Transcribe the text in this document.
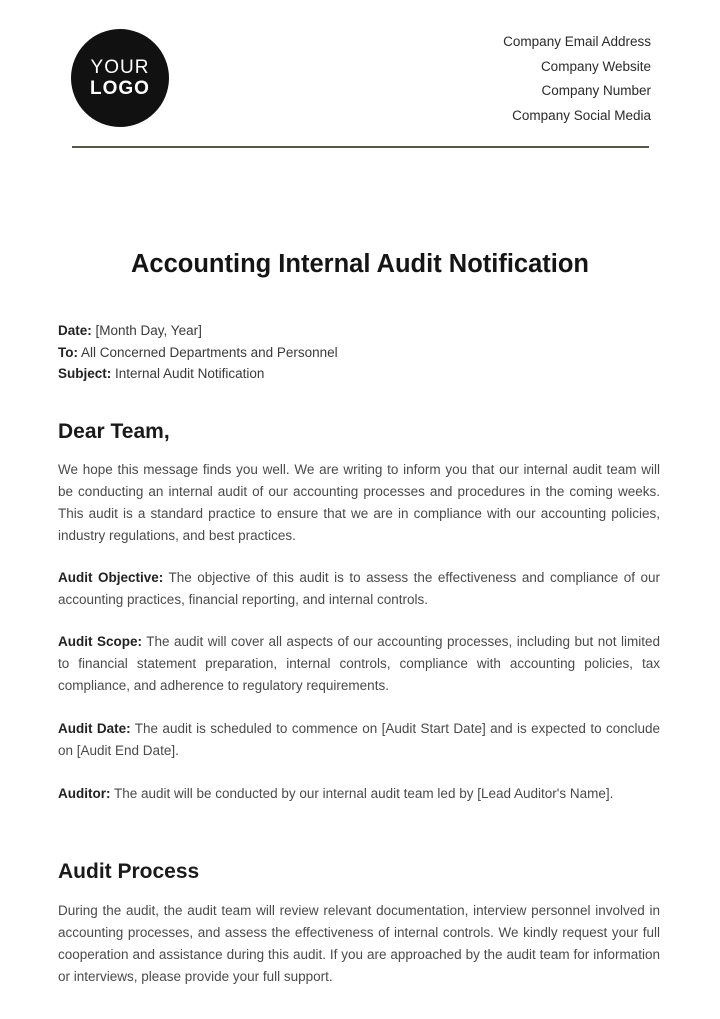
YOUR
LOGO
Company Email Address
Company Website
Company Number
Company Social Media
Accounting Internal Audit Notification
Date: [Month Day, Year]
To: All Concerned Departments and Personnel
Subject: Internal Audit Notification
Dear Team,
We hope this message finds you well. We are writing to inform you that our internal audit team will be conducting an internal audit of our accounting processes and procedures in the coming weeks. This audit is a standard practice to ensure that we are in compliance with our accounting policies, industry regulations, and best practices.
Audit Objective: The objective of this audit is to assess the effectiveness and compliance of our accounting practices, financial reporting, and internal controls.
Audit Scope: The audit will cover all aspects of our accounting processes, including but not limited to financial statement preparation, internal controls, compliance with accounting policies, tax compliance, and adherence to regulatory requirements.
Audit Date: The audit is scheduled to commence on [Audit Start Date] and is expected to conclude on [Audit End Date].
Auditor: The audit will be conducted by our internal audit team led by [Lead Auditor's Name].
Audit Process
During the audit, the audit team will review relevant documentation, interview personnel involved in accounting processes, and assess the effectiveness of internal controls. We kindly request your full cooperation and assistance during this audit. If you are approached by the audit team for information or interviews, please provide your full support.
